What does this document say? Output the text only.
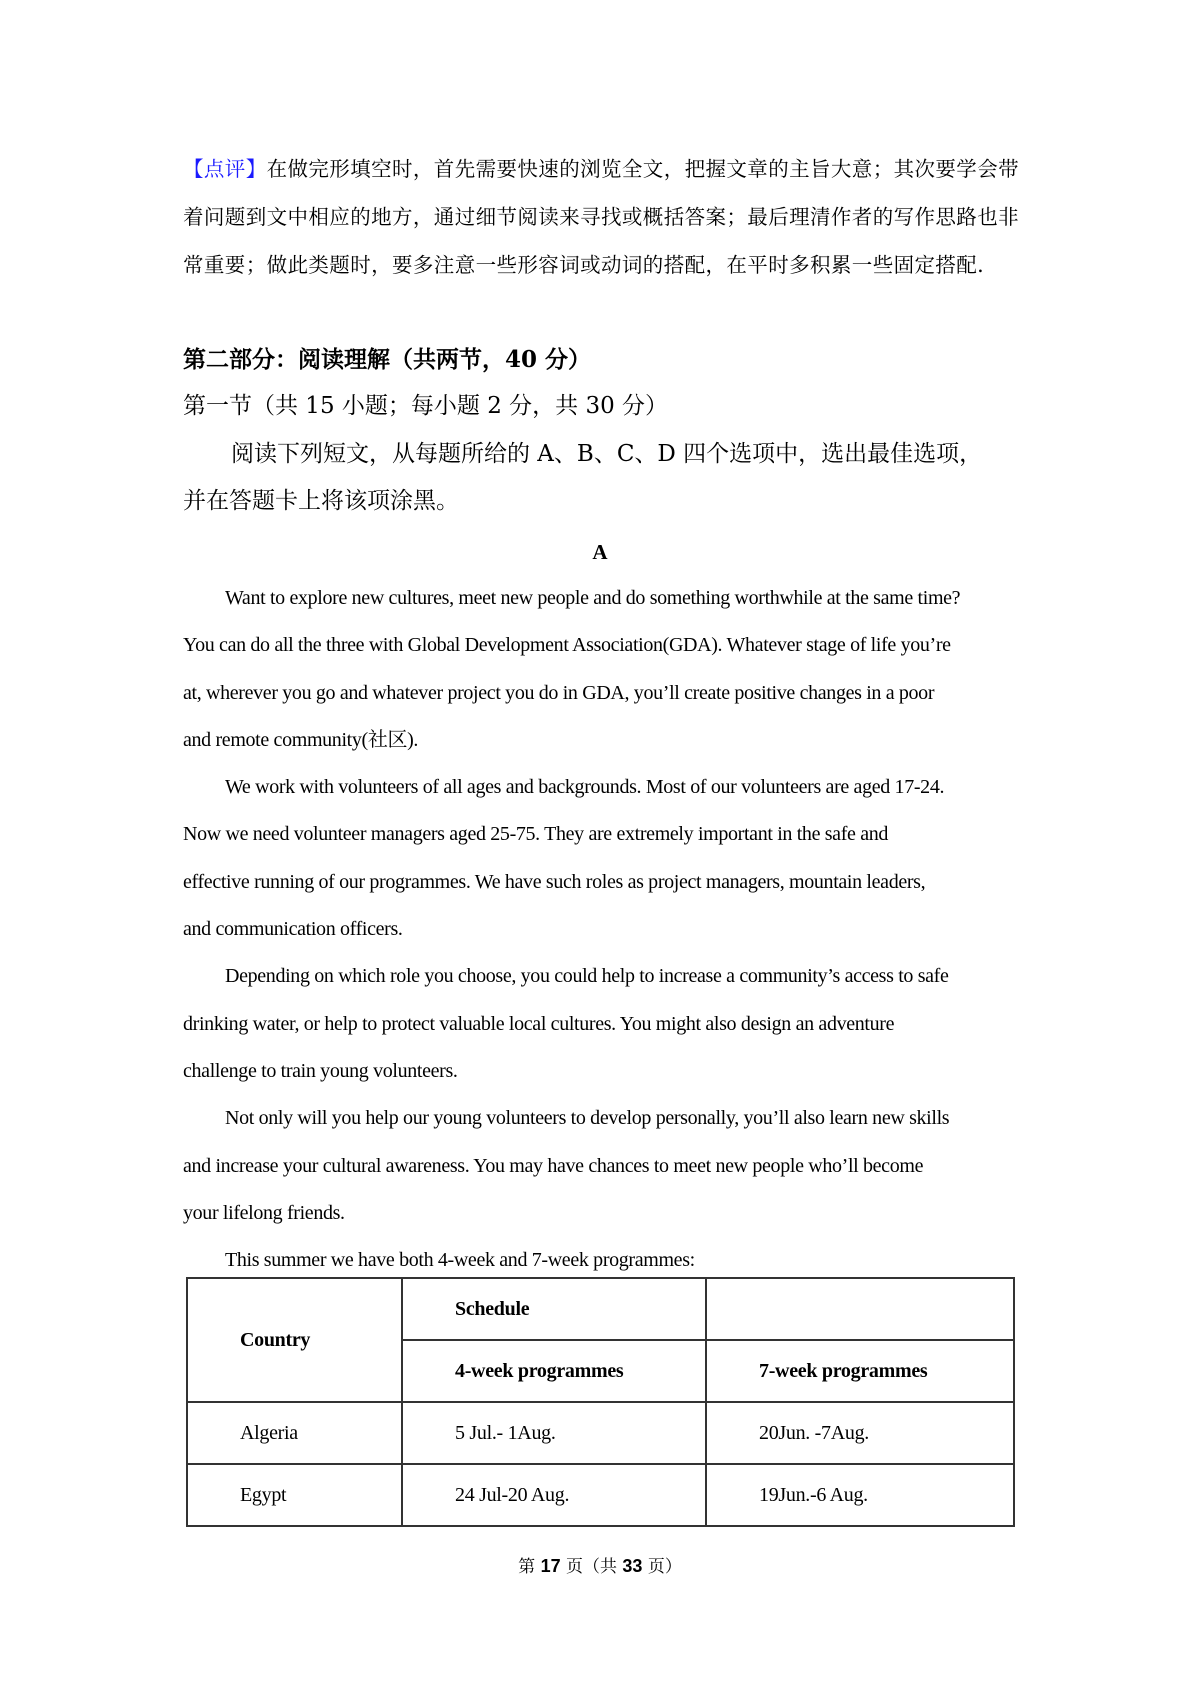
【点评】在做完形填空时，首先需要快速的浏览全文，把握文章的主旨大意；其次要学会带
着问题到文中相应的地方，通过细节阅读来寻找或概括答案；最后理清作者的写作思路也非
常重要；做此类题时，要多注意一些形容词或动词的搭配，在平时多积累一些固定搭配．
第二部分：阅读理解（共两节，40 分）
第一节（共 15 小题；每小题 2 分，共 30 分）
阅读下列短文，从每题所给的 A、B、C、D 四个选项中，选出最佳选项，
并在答题卡上将该项涂黑。
A
Want to explore new cultures, meet new people and do something worthwhile at the same time?
You can do all the three with Global Development Association(GDA). Whatever stage of life you’re
at, wherever you go and whatever project you do in GDA, you’ll create positive changes in a poor
and remote community(社区).
We work with volunteers of all ages and backgrounds. Most of our volunteers are aged 17-24.
Now we need volunteer managers aged 25-75. They are extremely important in the safe and
effective running of our programmes. We have such roles as project managers, mountain leaders,
and communication officers.
Depending on which role you choose, you could help to increase a community’s access to safe
drinking water, or help to protect valuable local cultures. You might also design an adventure
challenge to train young volunteers.
Not only will you help our young volunteers to develop personally, you’ll also learn new skills
and increase your cultural awareness. You may have chances to meet new people who’ll become
your lifelong friends.
This summer we have both 4-week and 7-week programmes:
Country	Schedule	
	4-week programmes	7-week programmes
Algeria	5 Jul.- 1Aug.	20Jun. -7Aug.
Egypt	24 Jul-20 Aug.	19Jun.-6 Aug.
第 17 页（共 33 页）
